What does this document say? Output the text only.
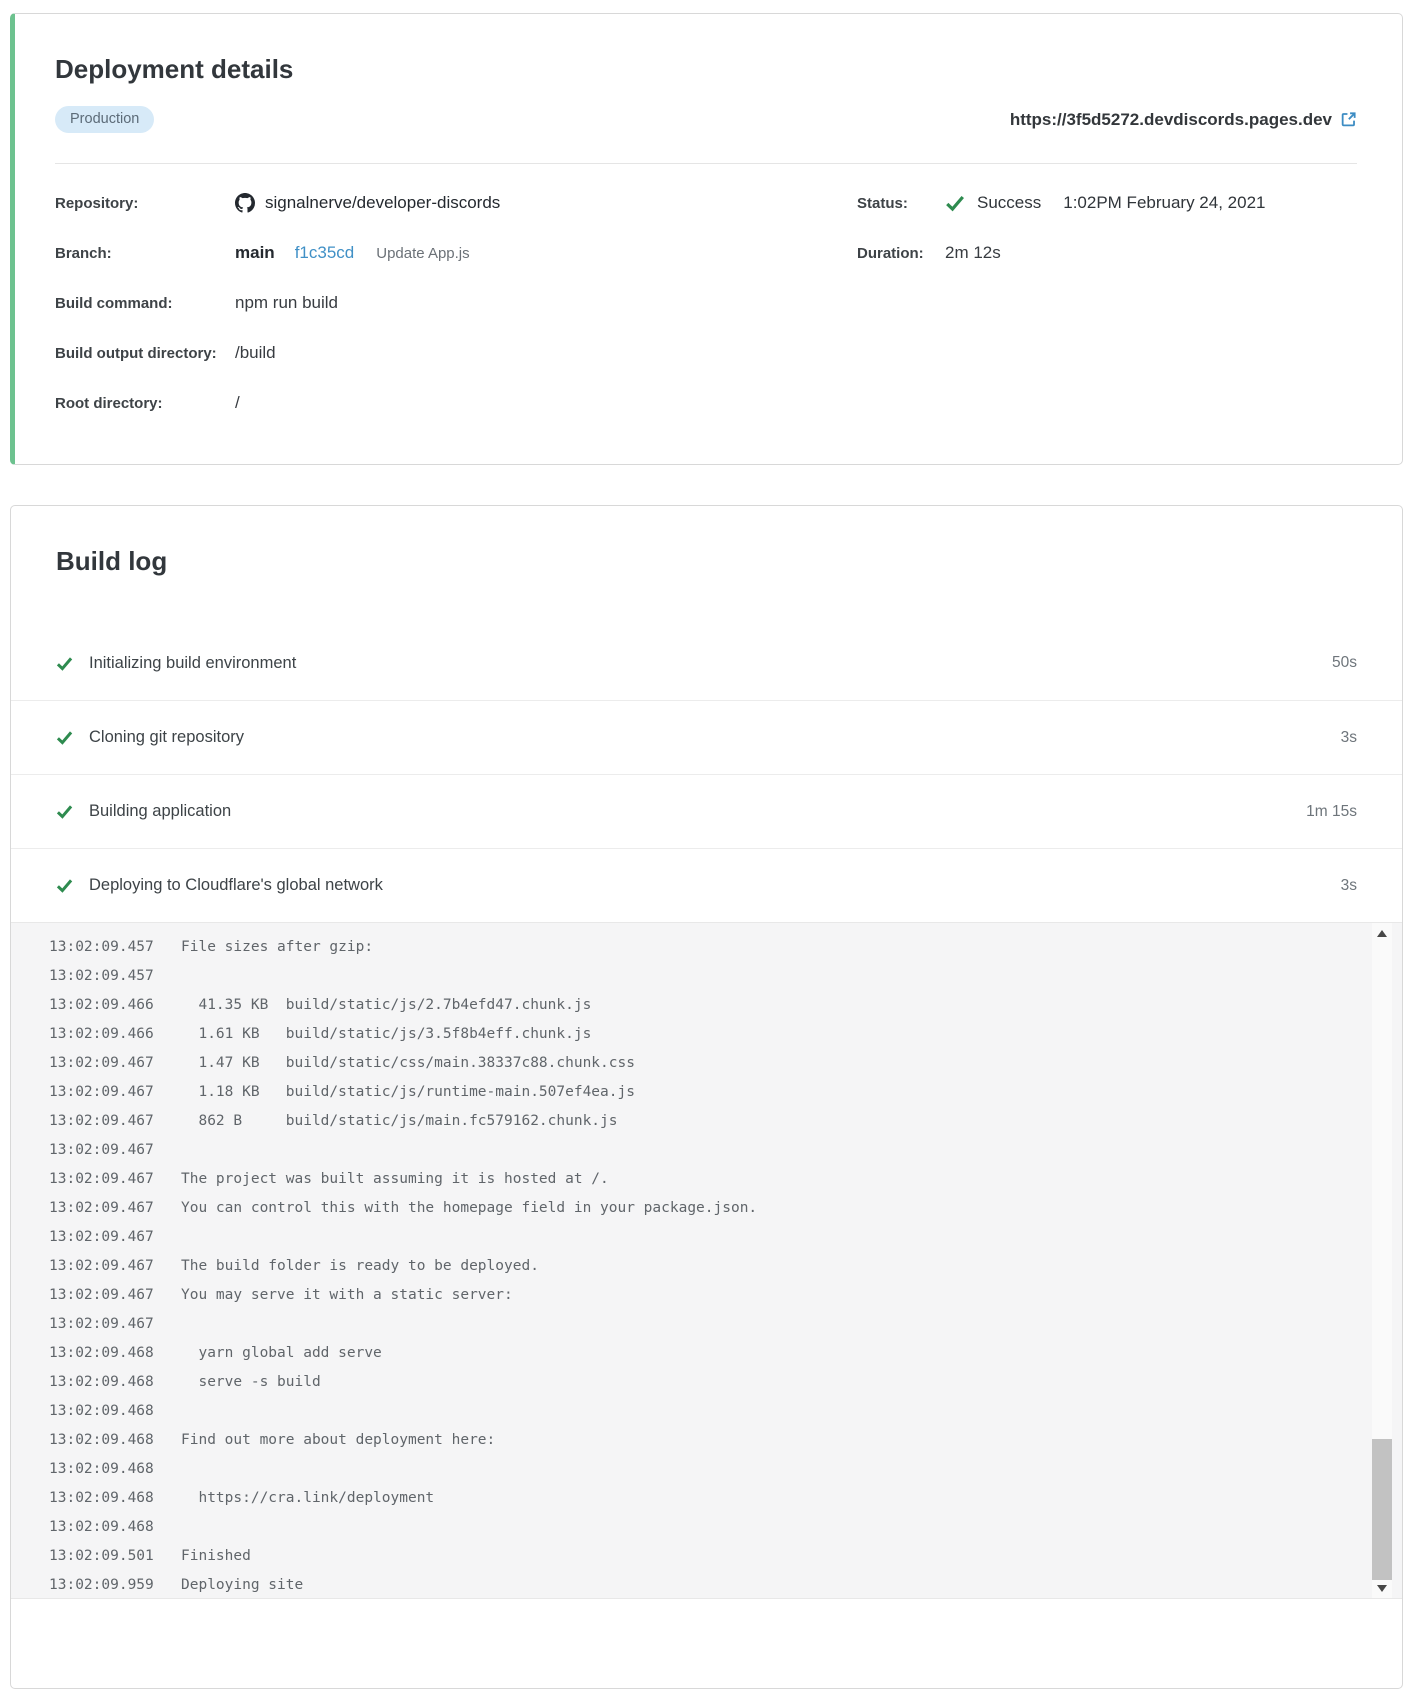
Deployment details
Production	https://3f5d5272.devdiscords.pages.dev
Repository:	signalnerve/developer-discords
Branch:	main f1c35cd Update App.js
Build command:	npm run build
Build output directory:	/build
Root directory:	/
Status:	Success 1:02PM February 24, 2021
Duration:	2m 12s
Build log
Initializing build environment	50s
Cloning git repository	3s
Building application	1m 15s
Deploying to Cloudflare's global network	3s
13:02:09.457	File sizes after gzip:
13:02:09.457
13:02:09.466	41.35 KB  build/static/js/2.7b4efd47.chunk.js
13:02:09.466	1.61 KB   build/static/js/3.5f8b4eff.chunk.js
13:02:09.467	1.47 KB   build/static/css/main.38337c88.chunk.css
13:02:09.467	1.18 KB   build/static/js/runtime-main.507ef4ea.js
13:02:09.467	862 B     build/static/js/main.fc579162.chunk.js
13:02:09.467
13:02:09.467	The project was built assuming it is hosted at /.
13:02:09.467	You can control this with the homepage field in your package.json.
13:02:09.467
13:02:09.467	The build folder is ready to be deployed.
13:02:09.467	You may serve it with a static server:
13:02:09.467
13:02:09.468	yarn global add serve
13:02:09.468	serve -s build
13:02:09.468
13:02:09.468	Find out more about deployment here:
13:02:09.468
13:02:09.468	https://cra.link/deployment
13:02:09.468
13:02:09.501	Finished
13:02:09.959	Deploying site
